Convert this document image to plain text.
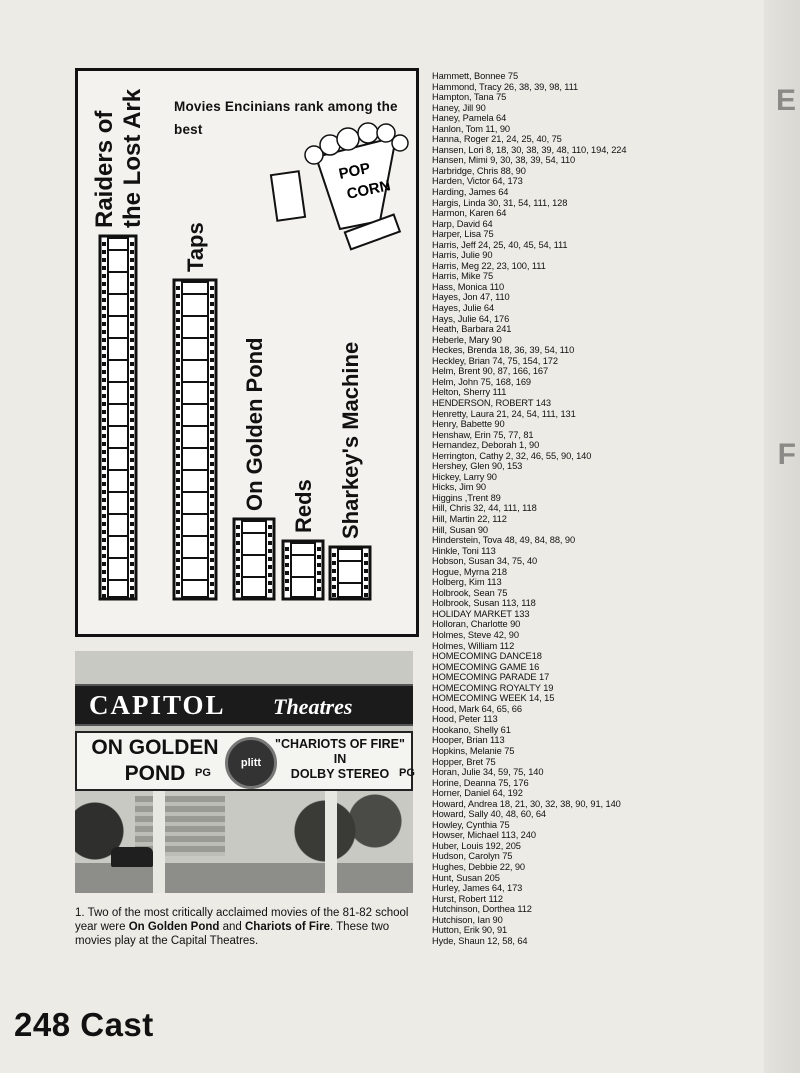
E
F
Raiders ofthe Lost Ark
Taps
On Golden Pond Reds Sharkey's Machine
POP
CORN
Movies Encinians rank among the best
CAPITOL Theatres
ON GOLDEN
POND PG
plitt
"CHARIOTS OF FIRE"
IN
DOLBY STEREO PG
1. Two of the most critically acclaimed movies of the 81-82 school year were On Golden Pond and Chariots of Fire. These two movies play at the Capital Theatres.
248 Cast
Hammett, Bonnee 75
Hammond, Tracy 26, 38, 39, 98, 111
Hampton, Tana 75
Haney, Jill 90
Haney, Pamela 64
Hanlon, Tom 11, 90
Hanna, Roger 21, 24, 25, 40, 75
Hansen, Lori 8, 18, 30, 38, 39, 48, 110, 194, 224
Hansen, Mimi 9, 30, 38, 39, 54, 110
Harbridge, Chris 88, 90
Harden, Victor 64, 173
Harding, James 64
Hargis, Linda 30, 31, 54, 111, 128
Harmon, Karen 64
Harp, David 64
Harper, Lisa 75
Harris, Jeff 24, 25, 40, 45, 54, 111
Harris, Julie 90
Harris, Meg 22, 23, 100, 111
Harris, Mike 75
Hass, Monica 110
Hayes, Jon 47, 110
Hayes, Julie 64
Hays, Julie 64, 176
Heath, Barbara 241
Heberle, Mary 90
Heckes, Brenda 18, 36, 39, 54, 110
Heckley, Brian 74, 75, 154, 172
Helm, Brent 90, 87, 166, 167
Helm, John 75, 168, 169
Helton, Sherry 111
HENDERSON, ROBERT 143
Henretty, Laura 21, 24, 54, 111, 131
Henry, Babette 90
Henshaw, Erin 75, 77, 81
Hernandez, Deborah 1, 90
Herrington, Cathy 2, 32, 46, 55, 90, 140
Hershey, Glen 90, 153
Hickey, Larry 90
Hicks, Jim 90
Higgins ,Trent 89
Hill, Chris 32, 44, 111, 118
Hill, Martin 22, 112
Hill, Susan 90
Hinderstein, Tova 48, 49, 84, 88, 90
Hinkle, Toni 113
Hobson, Susan 34, 75, 40
Hogue, Myrna 218
Holberg, Kim 113
Holbrook, Sean 75
Holbrook, Susan 113, 118
HOLIDAY MARKET 133
Holloran, Charlotte 90
Holmes, Steve 42, 90
Holmes, William 112
HOMECOMING DANCE18
HOMECOMING GAME 16
HOMECOMING PARADE 17
HOMECOMING ROYALTY 19
HOMECOMING WEEK 14, 15
Hood, Mark 64, 65, 66
Hood, Peter 113
Hookano, Shelly 61
Hooper, Brian 113
Hopkins, Melanie 75
Hopper, Bret 75
Horan, Julie 34, 59, 75, 140
Horine, Deanna 75, 176
Horner, Daniel 64, 192
Howard, Andrea 18, 21, 30, 32, 38, 90, 91, 140
Howard, Sally 40, 48, 60, 64
Howley, Cynthia 75
Howser, Michael 113, 240
Huber, Louis 192, 205
Hudson, Carolyn 75
Hughes, Debbie 22, 90
Hunt, Susan 205
Hurley, James 64, 173
Hurst, Robert 112
Hutchinson, Dorthea 112
Hutchison, Ian 90
Hutton, Erik 90, 91
Hyde, Shaun 12, 58, 64
